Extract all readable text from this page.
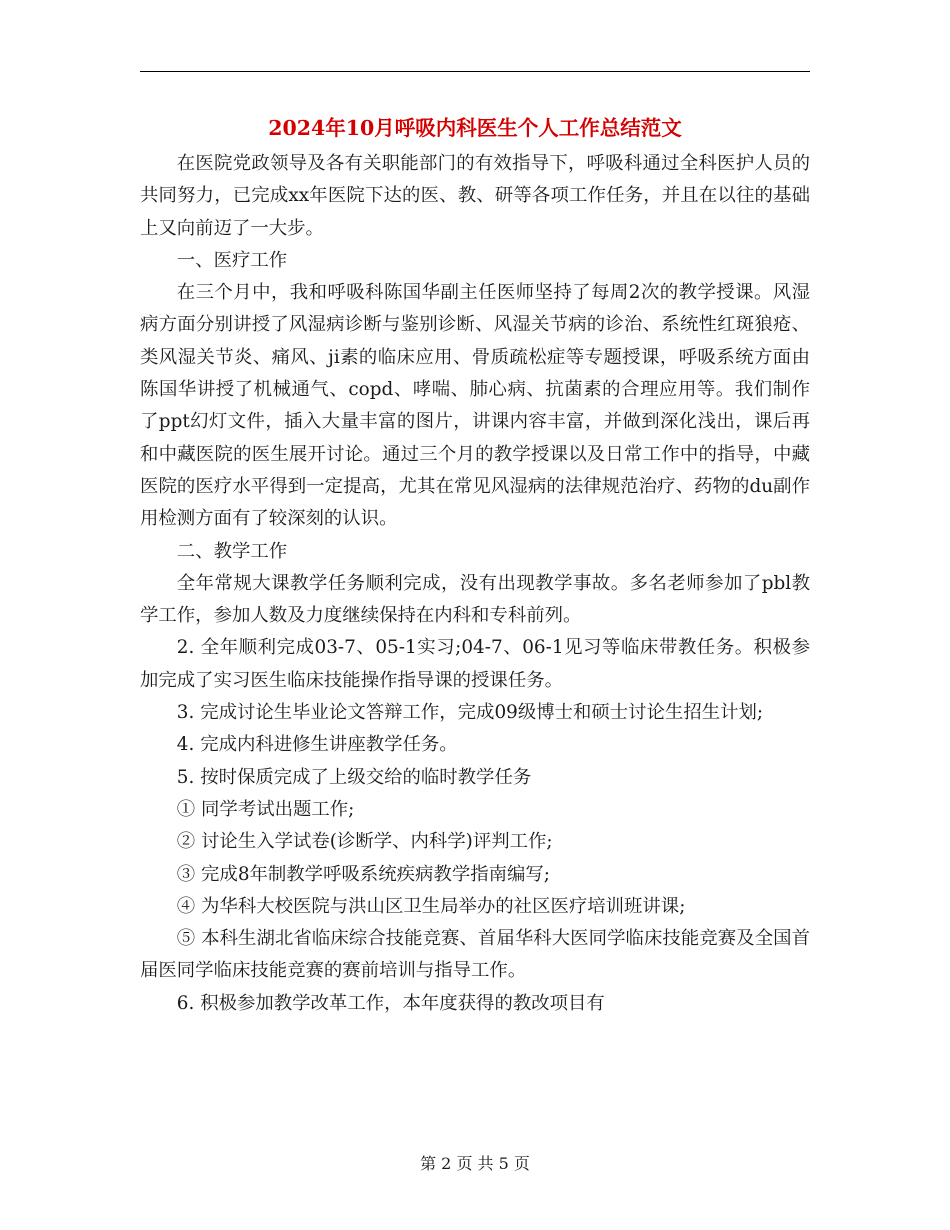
2024年10月呼吸内科医生个人工作总结范文

在医院党政领导及各有关职能部门的有效指导下，呼吸科通过全科医护人员的共同努力，已完成xx年医院下达的医、教、研等各项工作任务，并且在以往的基础上又向前迈了一大步。

一、医疗工作

在三个月中，我和呼吸科陈国华副主任医师坚持了每周2次的教学授课。风湿病方面分别讲授了风湿病诊断与鉴别诊断、风湿关节病的诊治、系统性红斑狼疮、类风湿关节炎、痛风、ji素的临床应用、骨质疏松症等专题授课，呼吸系统方面由陈国华讲授了机械通气、copd、哮喘、肺心病、抗菌素的合理应用等。我们制作了ppt幻灯文件，插入大量丰富的图片，讲课内容丰富，并做到深化浅出，课后再和中藏医院的医生展开讨论。通过三个月的教学授课以及日常工作中的指导，中藏医院的医疗水平得到一定提高，尤其在常见风湿病的法律规范治疗、药物的du副作用检测方面有了较深刻的认识。

二、教学工作

全年常规大课教学任务顺利完成，没有出现教学事故。多名老师参加了pbl教学工作，参加人数及力度继续保持在内科和专科前列。

2. 全年顺利完成03-7、05-1实习;04-7、06-1见习等临床带教任务。积极参加完成了实习医生临床技能操作指导课的授课任务。

3. 完成讨论生毕业论文答辩工作，完成09级博士和硕士讨论生招生计划;

4. 完成内科进修生讲座教学任务。

5. 按时保质完成了上级交给的临时教学任务

① 同学考试出题工作;

② 讨论生入学试卷(诊断学、内科学)评判工作;

③ 完成8年制教学呼吸系统疾病教学指南编写;

④ 为华科大校医院与洪山区卫生局举办的社区医疗培训班讲课;

⑤ 本科生湖北省临床综合技能竞赛、首届华科大医同学临床技能竞赛及全国首届医同学临床技能竞赛的赛前培训与指导工作。

6. 积极参加教学改革工作，本年度获得的教改项目有

第 2 页 共 5 页
